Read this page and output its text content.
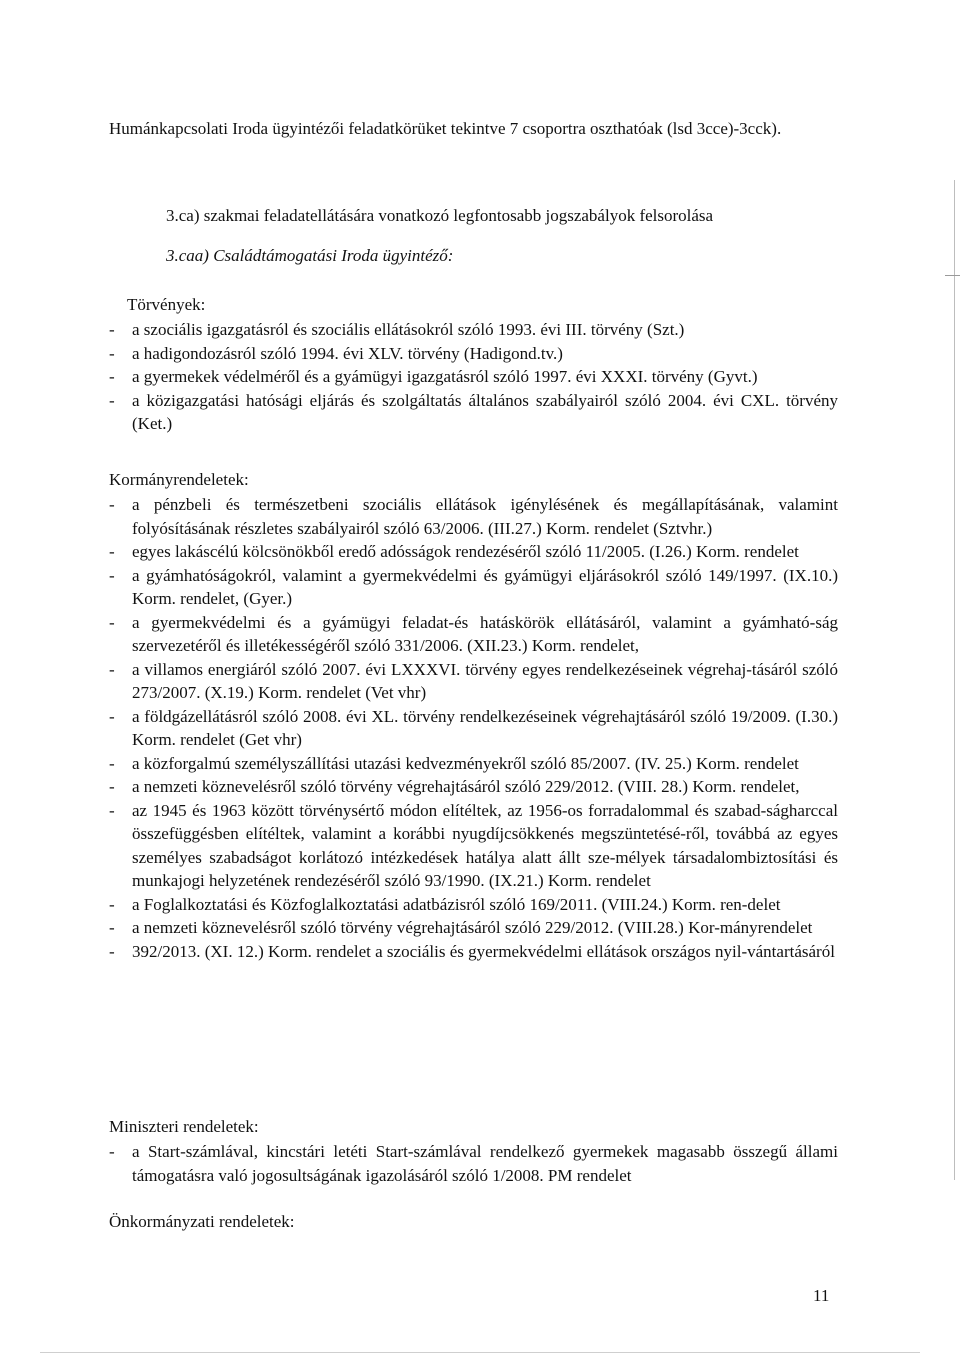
Humánkapcsolati Iroda ügyintézői feladatkörüket tekintve 7 csoportra oszthatóak (lsd 3cce)-3cck).

3.ca) szakmai feladatellátására vonatkozó legfontosabb jogszabályok felsorolása
3.caa) Családtámogatási Iroda ügyintéző:
Törvények:
- a szociális igazgatásról és szociális ellátásokról szóló 1993. évi III. törvény (Szt.)
- a hadigondozásról szóló 1994. évi XLV. törvény (Hadigond.tv.)
- a gyermekek védelméről és a gyámügyi igazgatásról szóló 1997. évi XXXI. törvény (Gyvt.)
- a közigazgatási hatósági eljárás és szolgáltatás általános szabályairól szóló 2004. évi CXL. törvény (Ket.)
Kormányrendeletek:
- a pénzbeli és természetbeni szociális ellátások igénylésének és megállapításának, valamint folyósításának részletes szabályairól szóló 63/2006. (III.27.) Korm. rendelet (Sztvhr.)
- egyes lakáscélú kölcsönökből eredő adósságok rendezéséről szóló 11/2005. (I.26.) Korm. rendelet
- a gyámhatóságokról, valamint a gyermekvédelmi és gyámügyi eljárásokról szóló 149/1997. (IX.10.) Korm. rendelet, (Gyer.)
- a gyermekvédelmi és a gyámügyi feladat-és hatáskörök ellátásáról, valamint a gyámható-ság szervezetéről és illetékességéről szóló 331/2006. (XII.23.) Korm. rendelet,
- a villamos energiáról szóló 2007. évi LXXXVI. törvény egyes rendelkezéseinek végrehaj-tásáról szóló 273/2007. (X.19.) Korm. rendelet (Vet vhr)
- a földgázellátásról szóló 2008. évi XL. törvény rendelkezéseinek végrehajtásáról szóló 19/2009. (I.30.) Korm. rendelet (Get vhr)
- a közforgalmú személyszállítási utazási kedvezményekről szóló 85/2007. (IV. 25.) Korm. rendelet
- a nemzeti köznevelésről szóló törvény végrehajtásáról szóló 229/2012. (VIII. 28.) Korm. rendelet,
- az 1945 és 1963 között törvénysértő módon elítéltek, az 1956-os forradalommal és szabad-ságharccal összefüggésben elítéltek, valamint a korábbi nyugdíjcsökkenés megszüntetésé-ről, továbbá az egyes személyes szabadságot korlátozó intézkedések hatálya alatt állt sze-mélyek társadalombiztosítási és munkajogi helyzetének rendezéséről szóló 93/1990. (IX.21.) Korm. rendelet
- a Foglalkoztatási és Közfoglalkoztatási adatbázisról szóló 169/2011. (VIII.24.) Korm. ren-delet
- a nemzeti köznevelésről szóló törvény végrehajtásáról szóló 229/2012. (VIII.28.) Kor-mányrendelet
- 392/2013. (XI. 12.) Korm. rendelet a szociális és gyermekvédelmi ellátások országos nyil-vántartásáról
Miniszteri rendeletek:
- a Start-számlával, kincstári letéti Start-számlával rendelkező gyermekek magasabb összegű állami támogatásra való jogosultságának igazolásáról szóló 1/2008. PM rendelet
Önkormányzati rendeletek:
11
